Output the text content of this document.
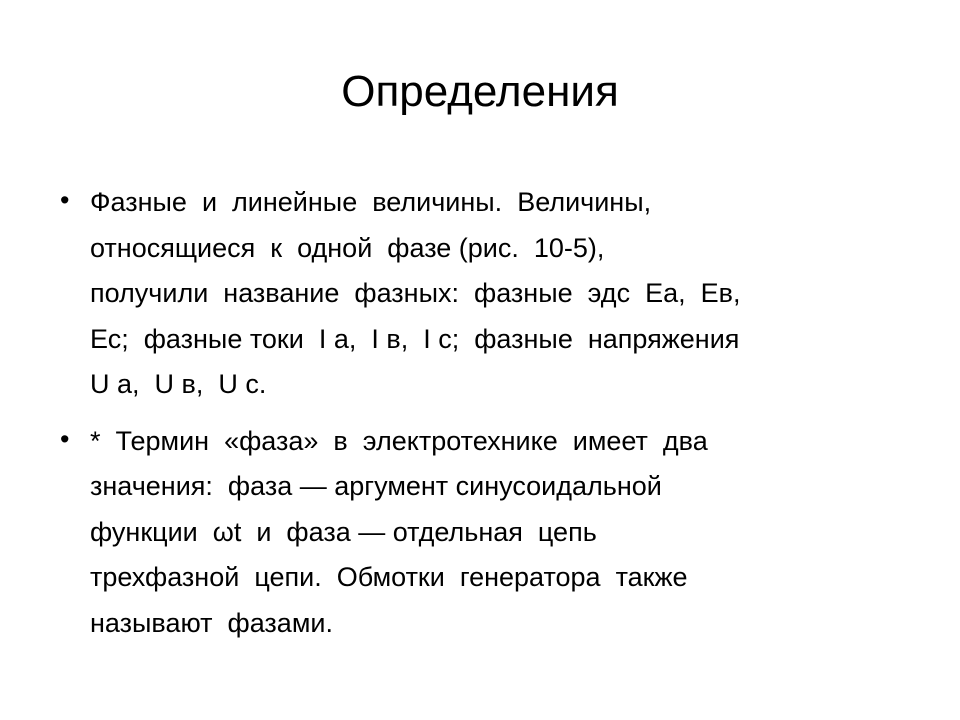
Определения
• Фазные  и  линейные  величины.  Величины,
относящиеся  к  одной  фазе (рис.  10-5),
получили  название  фазных:  фазные  эдс  Еа,  Ев,
Ес;  фазные токи  I а,  I в,  I с;  фазные  напряжения
U а,  U в,  U с.
• *  Термин  «фаза»  в  электротехнике  имеет  два
значения:  фаза — аргумент синусоидальной
функции  ωt  и  фаза — отдельная  цепь
трехфазной  цепи.  Обмотки  генератора  также
называют  фазами.
